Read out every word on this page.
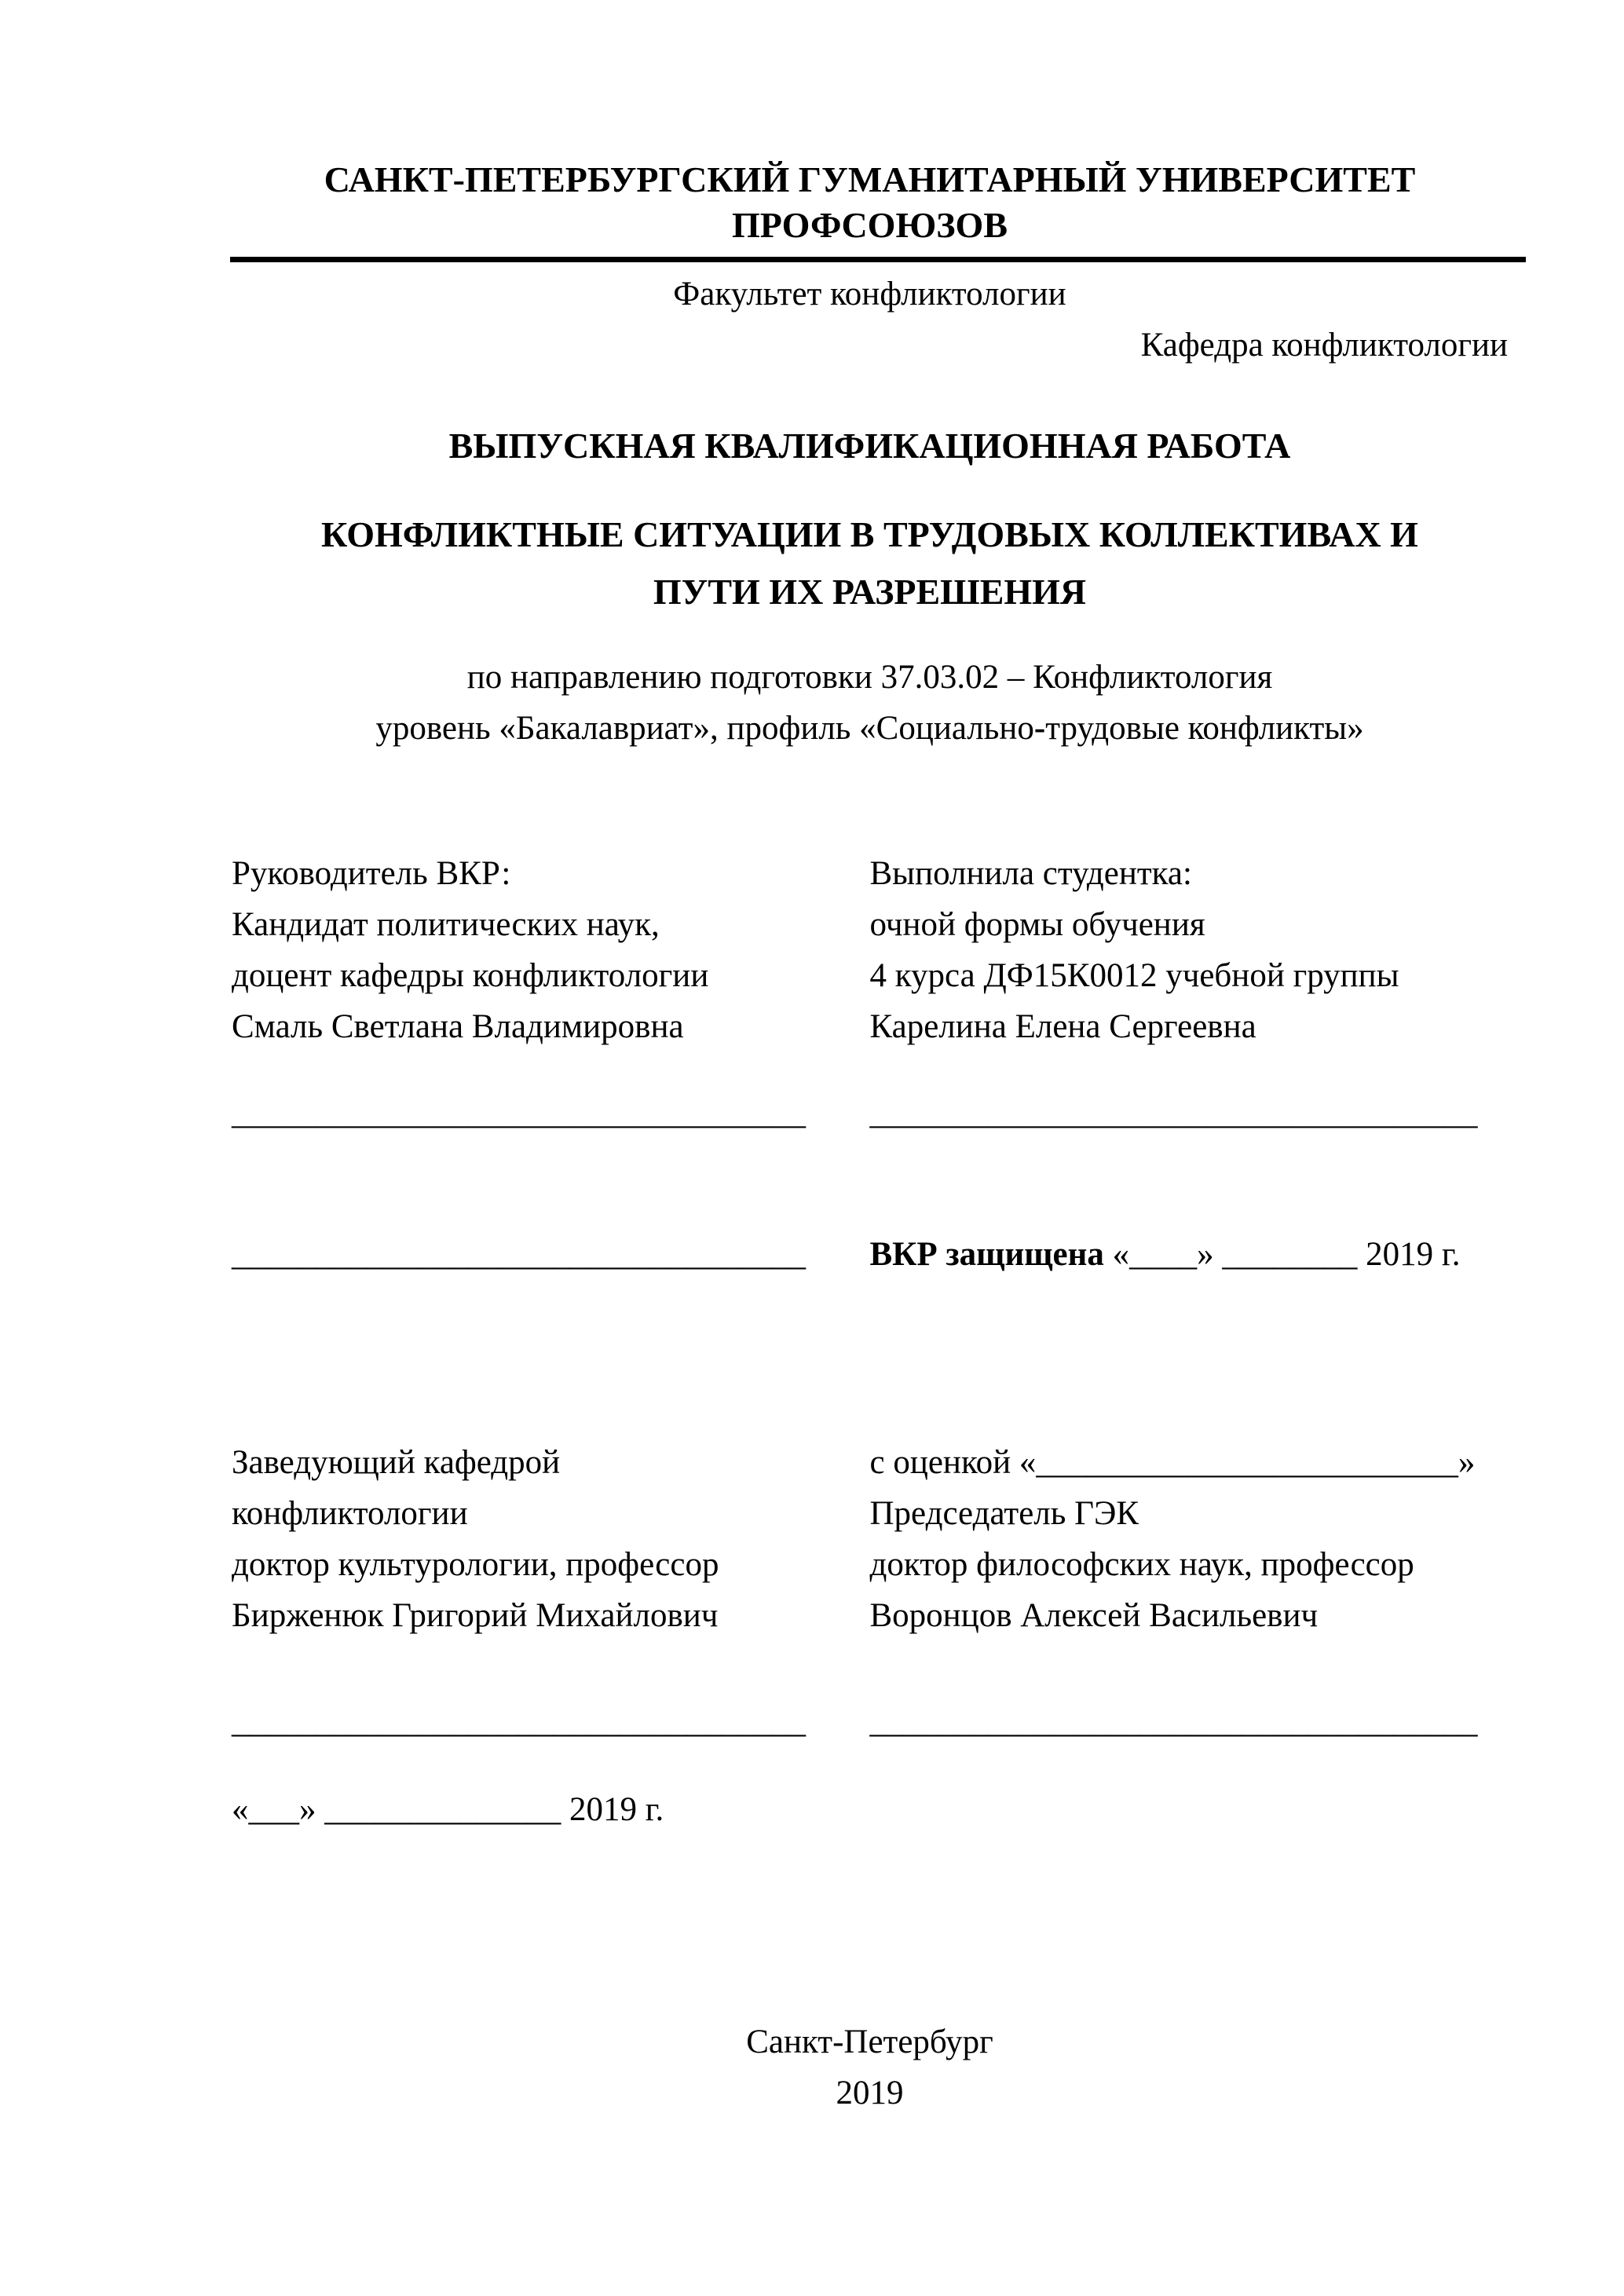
САНКТ-ПЕТЕРБУРГСКИЙ ГУМАНИТАРНЫЙ УНИВЕРСИТЕТ
ПРОФСОЮЗОВ
Факультет конфликтологии
Кафедра конфликтологии
ВЫПУСКНАЯ КВАЛИФИКАЦИОННАЯ РАБОТА
КОНФЛИКТНЫЕ СИТУАЦИИ В ТРУДОВЫХ КОЛЛЕКТИВАХ И
ПУТИ ИХ РАЗРЕШЕНИЯ
по направлению подготовки 37.03.02 – Конфликтология
уровень «Бакалавриат», профиль «Социально-трудовые конфликты»
Руководитель ВКР:
Кандидат политических наук,
доцент кафедры конфликтологии
Смаль Светлана Владимировна
Выполнила студентка:
очной формы обучения
4 курса ДФ15К0012 учебной группы
Карелина Елена Сергеевна
__________________________________	____________________________________
__________________________________	ВКР защищена «____» ________ 2019 г.
Заведующий кафедрой
конфликтологии
доктор культурологии, профессор
Бирженюк Григорий Михайлович
с оценкой «_________________________»
Председатель ГЭК
доктор философских наук, профессор
Воронцов Алексей Васильевич
__________________________________	____________________________________
«___» ______________ 2019 г.
Санкт-Петербург
2019
